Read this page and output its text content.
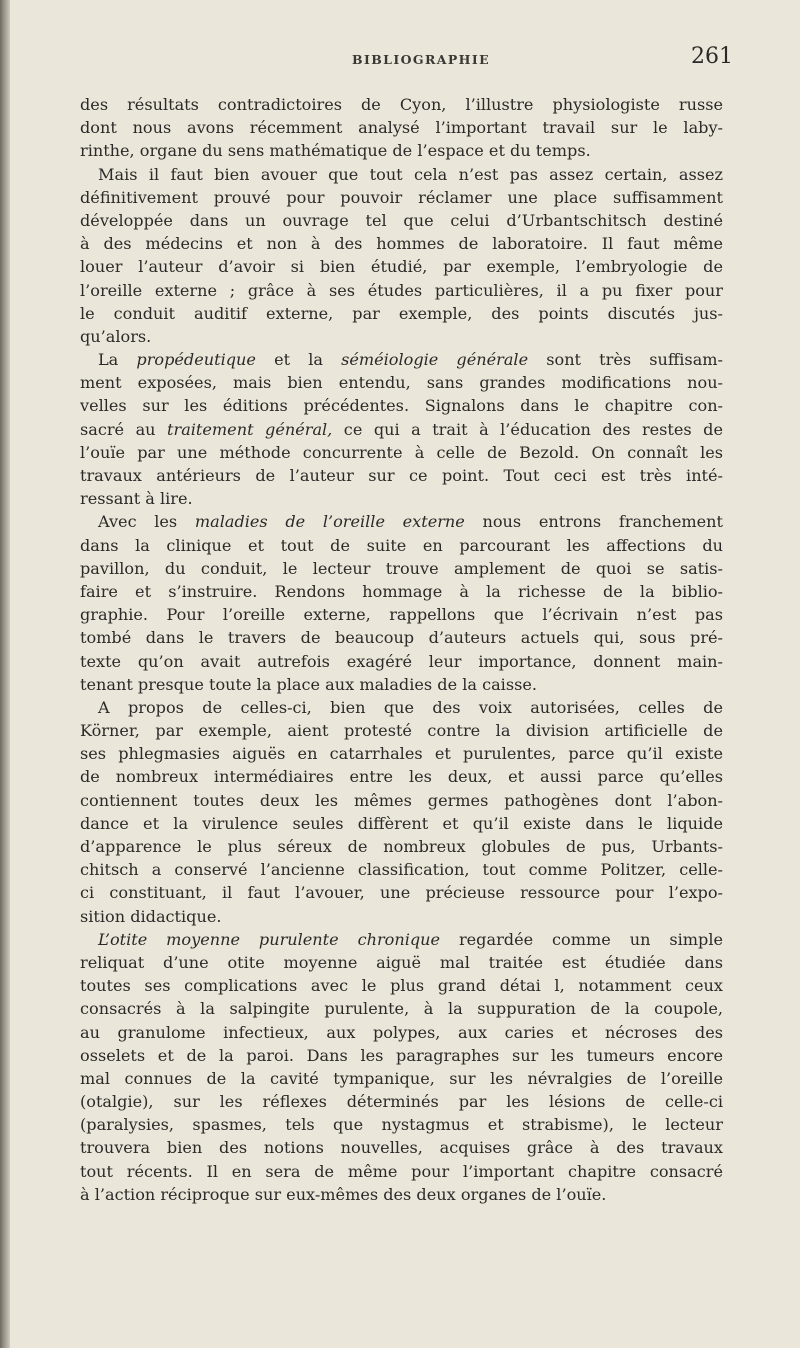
BIBLIOGRAPHIE	261
des résultats contradictoires de Cyon, l’illustre physiologiste russe
dont nous avons récemment analysé l’important travail sur le laby-
rinthe, organe du sens mathématique de l’espace et du temps.
Mais il faut bien avouer que tout cela n’est pas assez certain, assez
définitivement prouvé pour pouvoir réclamer une place suffisamment
développée dans un ouvrage tel que celui d’Urbantschitsch destiné
à des médecins et non à des hommes de laboratoire. Il faut même
louer l’auteur d’avoir si bien étudié, par exemple, l’embryologie de
l’oreille externe ; grâce à ses études particulières, il a pu fixer pour
le conduit auditif externe, par exemple, des points discutés jus-
qu’alors.
La propédeutique et la séméiologie générale sont très suffisam-
ment exposées, mais bien entendu, sans grandes modifications nou-
velles sur les éditions précédentes. Signalons dans le chapitre con-
sacré au traitement général, ce qui a trait à l’éducation des restes de
l’ouïe par une méthode concurrente à celle de Bezold. On connaît les
travaux antérieurs de l’auteur sur ce point. Tout ceci est très inté-
ressant à lire.
Avec les maladies de l’oreille externe nous entrons franchement
dans la clinique et tout de suite en parcourant les affections du
pavillon, du conduit, le lecteur trouve amplement de quoi se satis-
faire et s’instruire. Rendons hommage à la richesse de la biblio-
graphie. Pour l’oreille externe, rappellons que l’écrivain n’est pas
tombé dans le travers de beaucoup d’auteurs actuels qui, sous pré-
texte qu’on avait autrefois exagéré leur importance, donnent main-
tenant presque toute la place aux maladies de la caisse.
A propos de celles-ci, bien que des voix autorisées, celles de
Körner, par exemple, aient protesté contre la division artificielle de
ses phlegmasies aiguës en catarrhales et purulentes, parce qu’il existe
de nombreux intermédiaires entre les deux, et aussi parce qu’elles
contiennent toutes deux les mêmes germes pathogènes dont l’abon-
dance et la virulence seules diffèrent et qu’il existe dans le liquide
d’apparence le plus séreux de nombreux globules de pus, Urbants-
chitsch a conservé l’ancienne classification, tout comme Politzer, celle-
ci constituant, il faut l’avouer, une précieuse ressource pour l’expo-
sition didactique.
L’otite moyenne purulente chronique regardée comme un simple
reliquat d’une otite moyenne aiguë mal traitée est étudiée dans
toutes ses complications avec le plus grand détai l, notamment ceux
consacrés à la salpingite purulente, à la suppuration de la coupole,
au granulome infectieux, aux polypes, aux caries et nécroses des
osselets et de la paroi. Dans les paragraphes sur les tumeurs encore
mal connues de la cavité tympanique, sur les névralgies de l’oreille
(otalgie), sur les réflexes déterminés par les lésions de celle-ci
(paralysies, spasmes, tels que nystagmus et strabisme), le lecteur
trouvera bien des notions nouvelles, acquises grâce à des travaux
tout récents. Il en sera de même pour l’important chapitre consacré
à l’action réciproque sur eux-mêmes des deux organes de l’ouïe.
